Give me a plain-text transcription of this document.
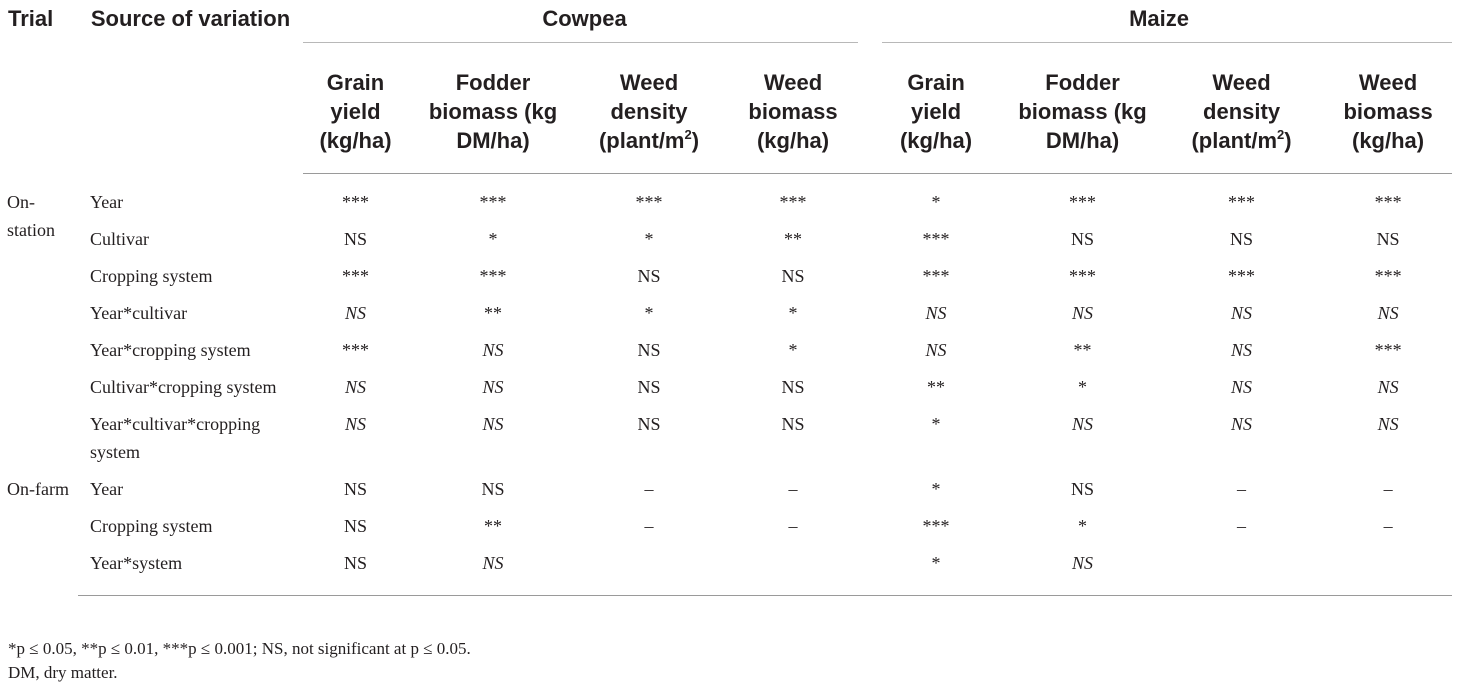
Trial	Source of variation	Cowpea				Maize			

		Grain
yield
(kg/ha)	Fodder
biomass (kg
DM/ha)	Weed
density
$(plant/m^2)$	Weed
biomass
(kg/ha)	Grain
yield
(kg/ha)	Fodder
biomass (kg
DM/ha)	Weed
density
$(plant/m^2)$	Weed
biomass
(kg/ha)
On-station	Year	***	***	***	***	*	***	***	***
	Cultivar	NS	*	*	**	***	NS	NS	NS
	Cropping system	***	***	NS	NS	***	***	***	***
	Year*cultivar	NS	**	*	*	NS	NS	NS	NS
	Year*cropping system	***	NS	NS	*	NS	**	NS	***
	Cultivar*cropping system	NS	NS	NS	NS	**	*	NS	NS
	Year*cultivar*cropping system	NS	NS	NS	NS	*	NS	NS	NS
On-farm	Year	NS	NS	–	–	*	NS	–	–
	Cropping system	NS	**	–	–	***	*	–	–
	Year*system	NS	NS			*	NS		
*p ≤ 0.05, **p ≤ 0.01, ***p ≤ 0.001; NS, not significant at p ≤ 0.05.
DM, dry matter.
